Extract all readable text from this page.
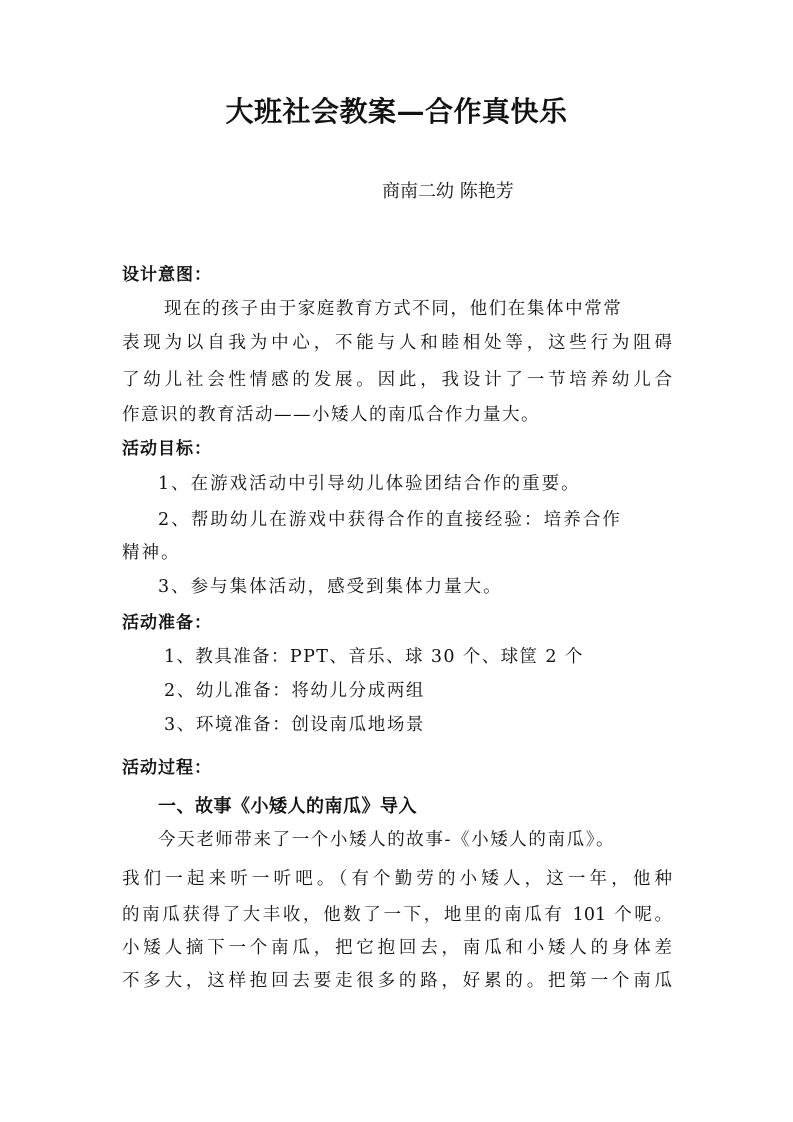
大班社会教案—合作真快乐
商南二幼 陈艳芳
设计意图：
现在的孩子由于家庭教育方式不同，他们在集体中常常
表现为以自我为中心，不能与人和睦相处等，这些行为阻碍
了幼儿社会性情感的发展。因此，我设计了一节培养幼儿合
作意识的教育活动——小矮人的南瓜合作力量大。
活动目标：
1、在游戏活动中引导幼儿体验团结合作的重要。
2、帮助幼儿在游戏中获得合作的直接经验：培养合作
精神。
3、参与集体活动，感受到集体力量大。
活动准备：
1、教具准备：PPT、音乐、球 30 个、球筐 2 个
2、幼儿准备：将幼儿分成两组
3、环境准备：创设南瓜地场景
活动过程：
一、故事《小矮人的南瓜》导入
今天老师带来了一个小矮人的故事-《小矮人的南瓜》。
我们一起来听一听吧。（有个勤劳的小矮人，这一年，他种
的南瓜获得了大丰收，他数了一下，地里的南瓜有 101 个呢。
小矮人摘下一个南瓜，把它抱回去，南瓜和小矮人的身体差
不多大，这样抱回去要走很多的路，好累的。把第一个南瓜
